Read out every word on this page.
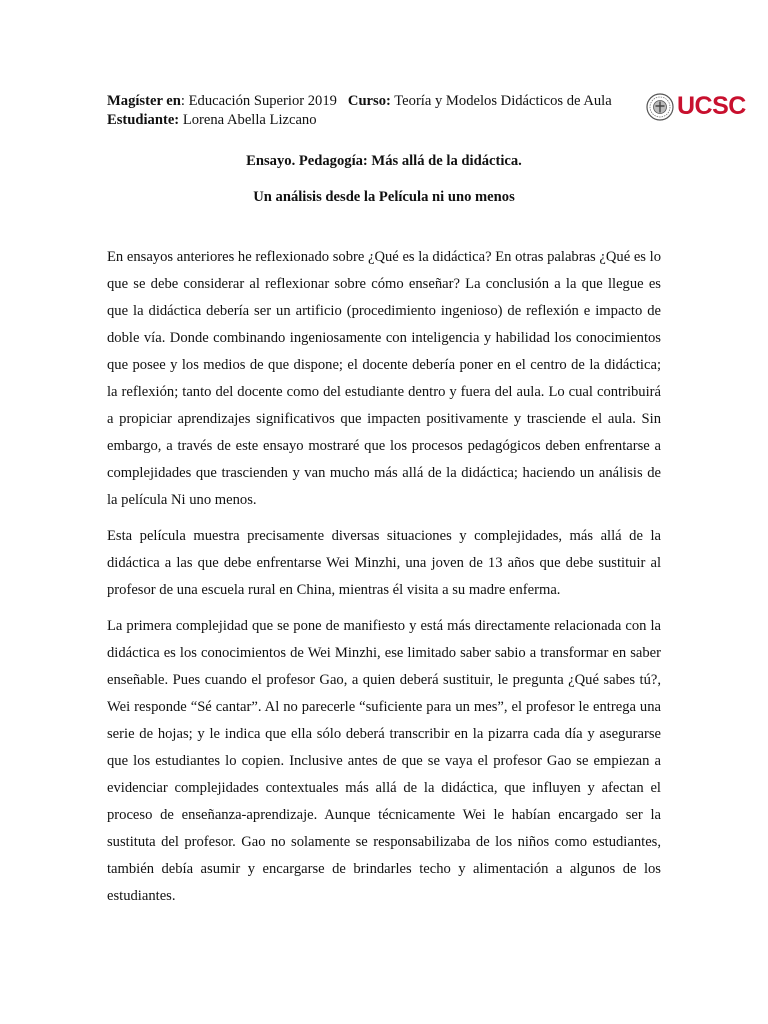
Magíster en: Educación Superior 2019 Curso: Teoría y Modelos Didácticos de Aula
Estudiante: Lorena Abella Lizcano	UCSC
Ensayo. Pedagogía: Más allá de la didáctica.
Un análisis desde la Película ni uno menos

En ensayos anteriores he reflexionado sobre ¿Qué es la didáctica? En otras palabras ¿Qué es lo que se debe considerar al reflexionar sobre cómo enseñar? La conclusión a la que llegue es que la didáctica debería ser un artificio (procedimiento ingenioso) de reflexión e impacto de doble vía. Donde combinando ingeniosamente con inteligencia y habilidad los conocimientos que posee y los medios de que dispone; el docente debería poner en el centro de la didáctica; la reflexión; tanto del docente como del estudiante dentro y fuera del aula. Lo cual contribuirá a propiciar aprendizajes significativos que impacten positivamente y trasciende el aula. Sin embargo, a través de este ensayo mostraré que los procesos pedagógicos deben enfrentarse a complejidades que trascienden y van mucho más allá de la didáctica; haciendo un análisis de la película Ni uno menos.

Esta película muestra precisamente diversas situaciones y complejidades, más allá de la didáctica a las que debe enfrentarse Wei Minzhi, una joven de 13 años que debe sustituir al profesor de una escuela rural en China, mientras él visita a su madre enferma.

La primera complejidad que se pone de manifiesto y está más directamente relacionada con la didáctica es los conocimientos de Wei Minzhi, ese limitado saber sabio a transformar en saber enseñable. Pues cuando el profesor Gao, a quien deberá sustituir, le pregunta ¿Qué sabes tú?, Wei responde “Sé cantar”. Al no parecerle “suficiente para un mes”, el profesor le entrega una serie de hojas; y le indica que ella sólo deberá transcribir en la pizarra cada día y asegurarse que los estudiantes lo copien. Inclusive antes de que se vaya el profesor Gao se empiezan a evidenciar complejidades contextuales más allá de la didáctica, que influyen y afectan el proceso de enseñanza-aprendizaje. Aunque técnicamente Wei le habían encargado ser la sustituta del profesor. Gao no solamente se responsabilizaba de los niños como estudiantes, también debía asumir y encargarse de brindarles techo y alimentación a algunos de los estudiantes.
